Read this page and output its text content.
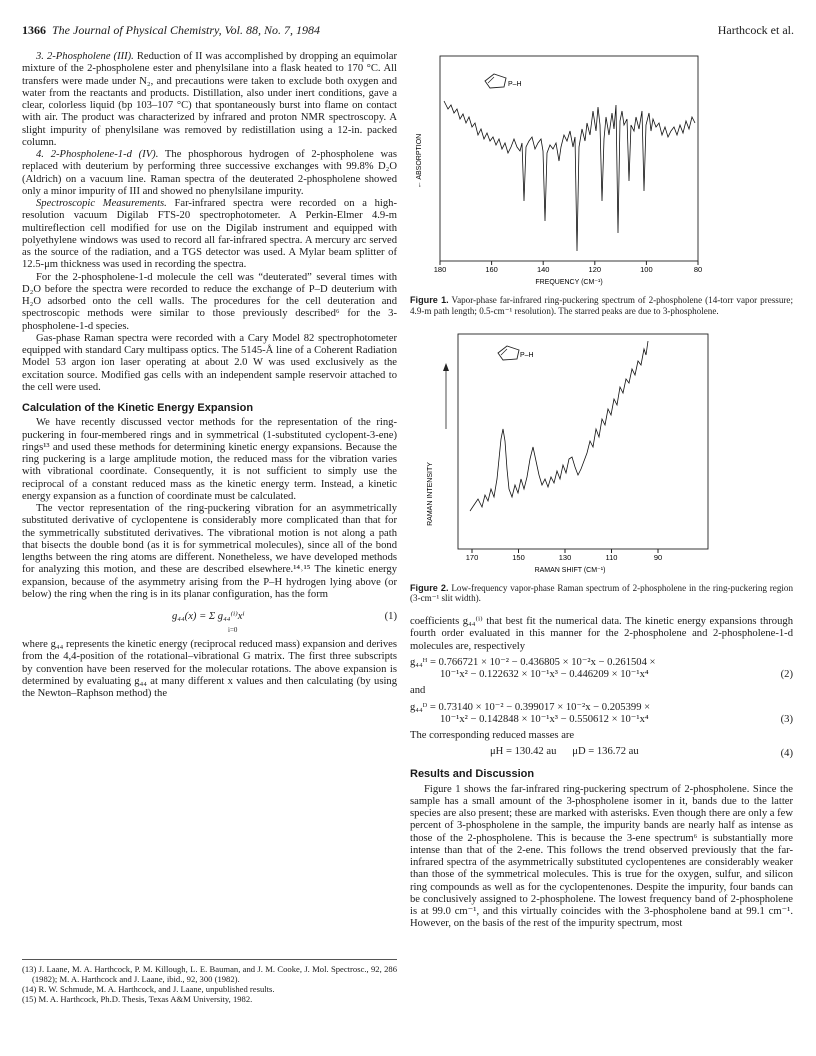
1366 The Journal of Physical Chemistry, Vol. 88, No. 7, 1984	Harthcock et al.

3. 2-Phospholene (III). Reduction of II was accomplished by dropping an equimolar mixture of the 2-phospholene ester and phenylsilane into a flask heated to 170 °C. All transfers were made under N₂, and precautions were taken to exclude both oxygen and water from the reactants and products. Distillation, also under inert conditions, gave a clear, colorless liquid (bp 103–107 °C) that spontaneously burst into flame on contact with air. The product was characterized by infrared and proton NMR spectroscopy. A slight impurity of phenylsilane was removed by redistillation using a 12-in. packed column.

4. 2-Phospholene-1-d (IV). The phosphorous hydrogen of 2-phospholene was replaced with deuterium by performing three successive exchanges with 99.8% D₂O (Aldrich) on a vacuum line. Raman spectra of the deuterated 2-phospholene showed only a minor impurity of III and showed no phenylsilane impurity.

Spectroscopic Measurements. Far-infrared spectra were recorded on a high-resolution vacuum Digilab FTS-20 spectrophotometer. A Perkin-Elmer 4.9-m multireflection cell modified for use on the Digilab instrument and equipped with polyethylene windows was used to record all far-infrared spectra. A mercury arc served as the source of the radiation, and a TGS detector was used. A Mylar beam splitter of 12.5-μm thickness was used in recording the spectra.

For the 2-phospholene-1-d molecule the cell was “deuterated” several times with D₂O before the spectra were recorded to reduce the exchange of P–D deuterium with H₂O adsorbed onto the cell walls. The procedures for the cell deuteration and spectroscopic methods were similar to those previously described⁶ for the 3-phospholene-1-d species.

Gas-phase Raman spectra were recorded with a Cary Model 82 spectrophotometer equipped with standard Cary multipass optics. The 5145-Å line of a Coherent Radiation Model 53 argon ion laser operating at about 2.0 W was used exclusively as the excitation source. Modified gas cells with an independent sample reservoir attached to the cell were used.

Calculation of the Kinetic Energy Expansion

We have recently discussed vector methods for the representation of the ring-puckering in four-membered rings and in symmetrical (1-substituted cyclopent-3-ene) rings¹³ and used these methods for determining kinetic energy expansions. Because the ring puckering is a large amplitude motion, the reduced mass for the vibration varies with vibrational coordinate. Consequently, it is not sufficient to simply use the reciprocal of a constant reduced mass as the kinetic energy term. Instead, a kinetic energy expansion as a function of coordinate must be calculated.

The vector representation of the ring-puckering vibration for an asymmetrically substituted derivative of cyclopentene is considerably more complicated than that for the symmetrically substituted derivatives. The vibrational motion is not along a path that bisects the double bond (as it is for symmetrical molecules), since all of the bond lengths between the ring atoms are different. Nonetheless, we have developed methods for analyzing this motion, and these are described elsewhere.¹⁴˒¹⁵ The kinetic energy expansion, because of the asymmetry arising from the P–H hydrogen lying above (or below) the ring when the ring is in its planar configuration, has the form

g₄₄(x) = Σ g₄₄⁽ⁱ⁾xⁱ
i=0
(1)

where g₄₄ represents the kinetic energy (reciprocal reduced mass) expansion and derives from the 4,4-position of the rotational–vibrational G matrix. The first three subscripts by convention have been reserved for the molecular rotations. The above expansion is determined by evaluating g₄₄ at many different x values and then calculating (by using the Newton–Raphson method) the

(13) J. Laane, M. A. Harthcock, P. M. Killough, L. E. Bauman, and J. M. Cooke, J. Mol. Spectrosc., 92, 286 (1982); M. A. Harthcock and J. Laane, ibid., 92, 300 (1982).
(14) R. W. Schmude, M. A. Harthcock, and J. Laane, unpublished results.
(15) M. A. Harthcock, Ph.D. Thesis, Texas A&M University, 1982.
P–H
← ABSORPTION
180	160	140	120	100	80
FREQUENCY (CM⁻¹)
Figure 1. Vapor-phase far-infrared ring-puckering spectrum of 2-phospholene (14-torr vapor pressure; 4.9-m path length; 0.5-cm⁻¹ resolution). The starred peaks are due to 3-phospholene.
P–H
RAMAN INTENSITY
170	150	130	110	90
RAMAN SHIFT (CM⁻¹)
Figure 2. Low-frequency vapor-phase Raman spectrum of 2-phospholene in the ring-puckering region (3-cm⁻¹ slit width).

coefficients g₄₄⁽ⁱ⁾ that best fit the numerical data. The kinetic energy expansions through fourth order evaluated in this manner for the 2-phospholene and 2-phospholene-1-d molecules are, respectively

g₄₄ᴴ = 0.766721 × 10⁻² − 0.436805 × 10⁻²x − 0.261504 ×
10⁻¹x² − 0.122632 × 10⁻¹x³ − 0.446209 × 10⁻¹x⁴	(2)

and

g₄₄ᴰ = 0.73140 × 10⁻² − 0.399017 × 10⁻²x − 0.205399 ×
10⁻¹x² − 0.142848 × 10⁻¹x³ − 0.550612 × 10⁻¹x⁴	(3)

The corresponding reduced masses are

μH = 130.42 au      μD = 136.72 au	(4)
Results and Discussion

Figure 1 shows the far-infrared ring-puckering spectrum of 2-phospholene. Since the sample has a small amount of the 3-phospholene isomer in it, bands due to the latter species are also present; these are marked with asterisks. Even though there are only a few percent of 3-phospholene in the sample, the impurity bands are nearly half as intense as those of the 2-phospholene. This is because the 3-ene spectrum⁶ is substantially more intense than that of the 2-ene. This follows the trend observed previously that the far-infrared spectra of the asymmetrically substituted cyclopentenes are considerably weaker than those of the symmetrical molecules. This is true for the oxygen, sulfur, and silicon ring compounds as well as for the cyclopentenones. Despite the impurity, four bands can be conclusively assigned to 2-phospholene. The lowest frequency band of 2-phospholene is at 99.0 cm⁻¹, and this virtually coincides with the 3-phospholene band at 99.1 cm⁻¹. However, on the basis of the rest of the impurity spectrum, most
